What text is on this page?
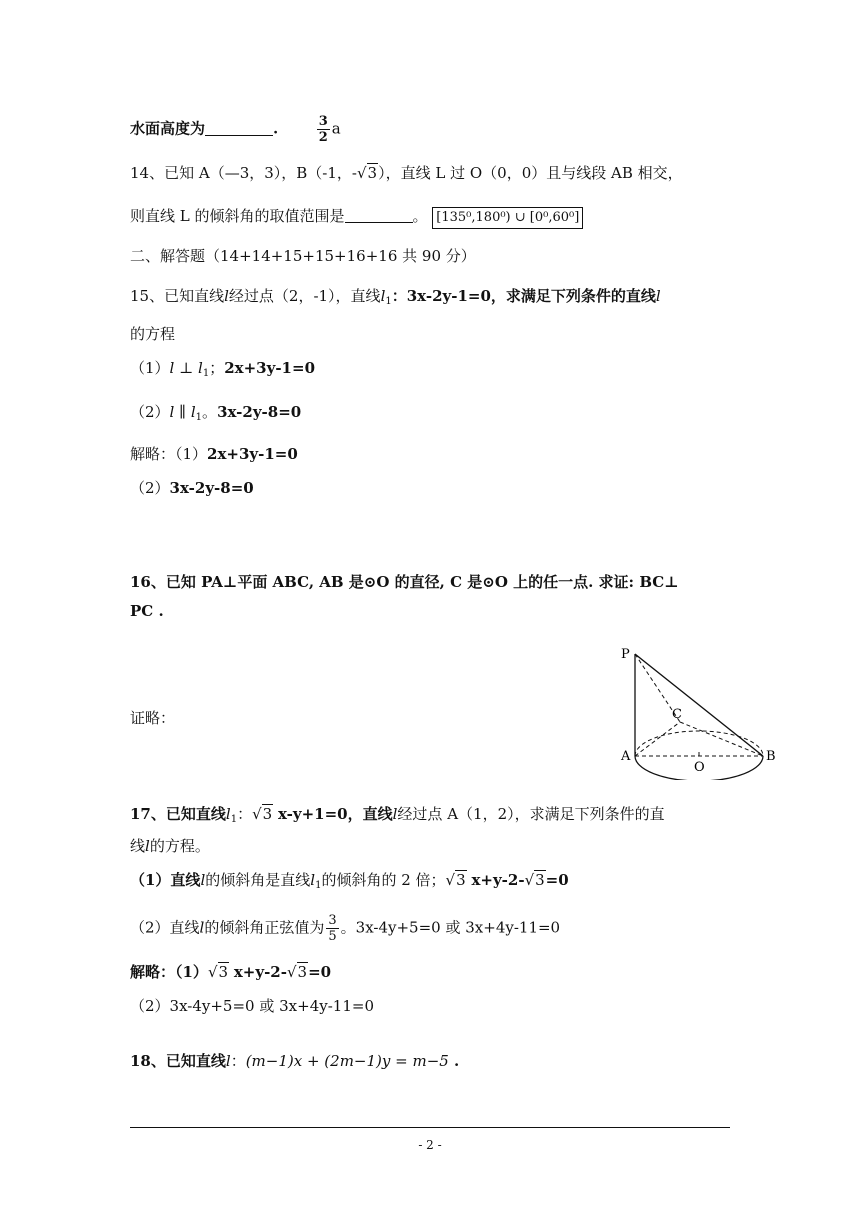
水面高度为	.	$\frac{3}{2}$ a
14、已知 A（—3，3），B（-1，-√3），直线 L 过 O（0，0）且与线段 AB 相交，
则直线 L 的倾斜角的取值范围是	。 [135⁰,180⁰) ∪ [0⁰,60⁰]
二、解答题（14+14+15+15+16+16 共 90 分）
15、已知直线l经过点（2，-1），直线$l_1$：3x-2y-1=0，求满足下列条件的直线l
的方程
（1）l ⊥ $l_1$；2x+3y-1=0
（2）l ∥ $l_1$。3x-2y-8=0
解略：（1）2x+3y-1=0
（2）3x-2y-8=0
16、已知 PA⊥平面 ABC, AB 是⊙O 的直径, C 是⊙O 上的任一点. 求证: BC⊥
PC .
证略：
P
A	B
C
O
17、已知直线$l_1$：√3 x-y+1=0，直线l经过点 A（1，2），求满足下列条件的直
线l的方程。
（1）直线l的倾斜角是直线$l_1$的倾斜角的 2 倍；√3 x+y-2-√3=0
（2）直线l的倾斜角正弦值为 $\frac{3}{5}$ 。3x-4y+5=0 或 3x+4y-11=0
解略：（1）√3 x+y-2-√3=0
（2）3x-4y+5=0 或 3x+4y-11=0
18、已知直线l：(m−1)x + (2m−1)y = m−5 .
- 2 -
